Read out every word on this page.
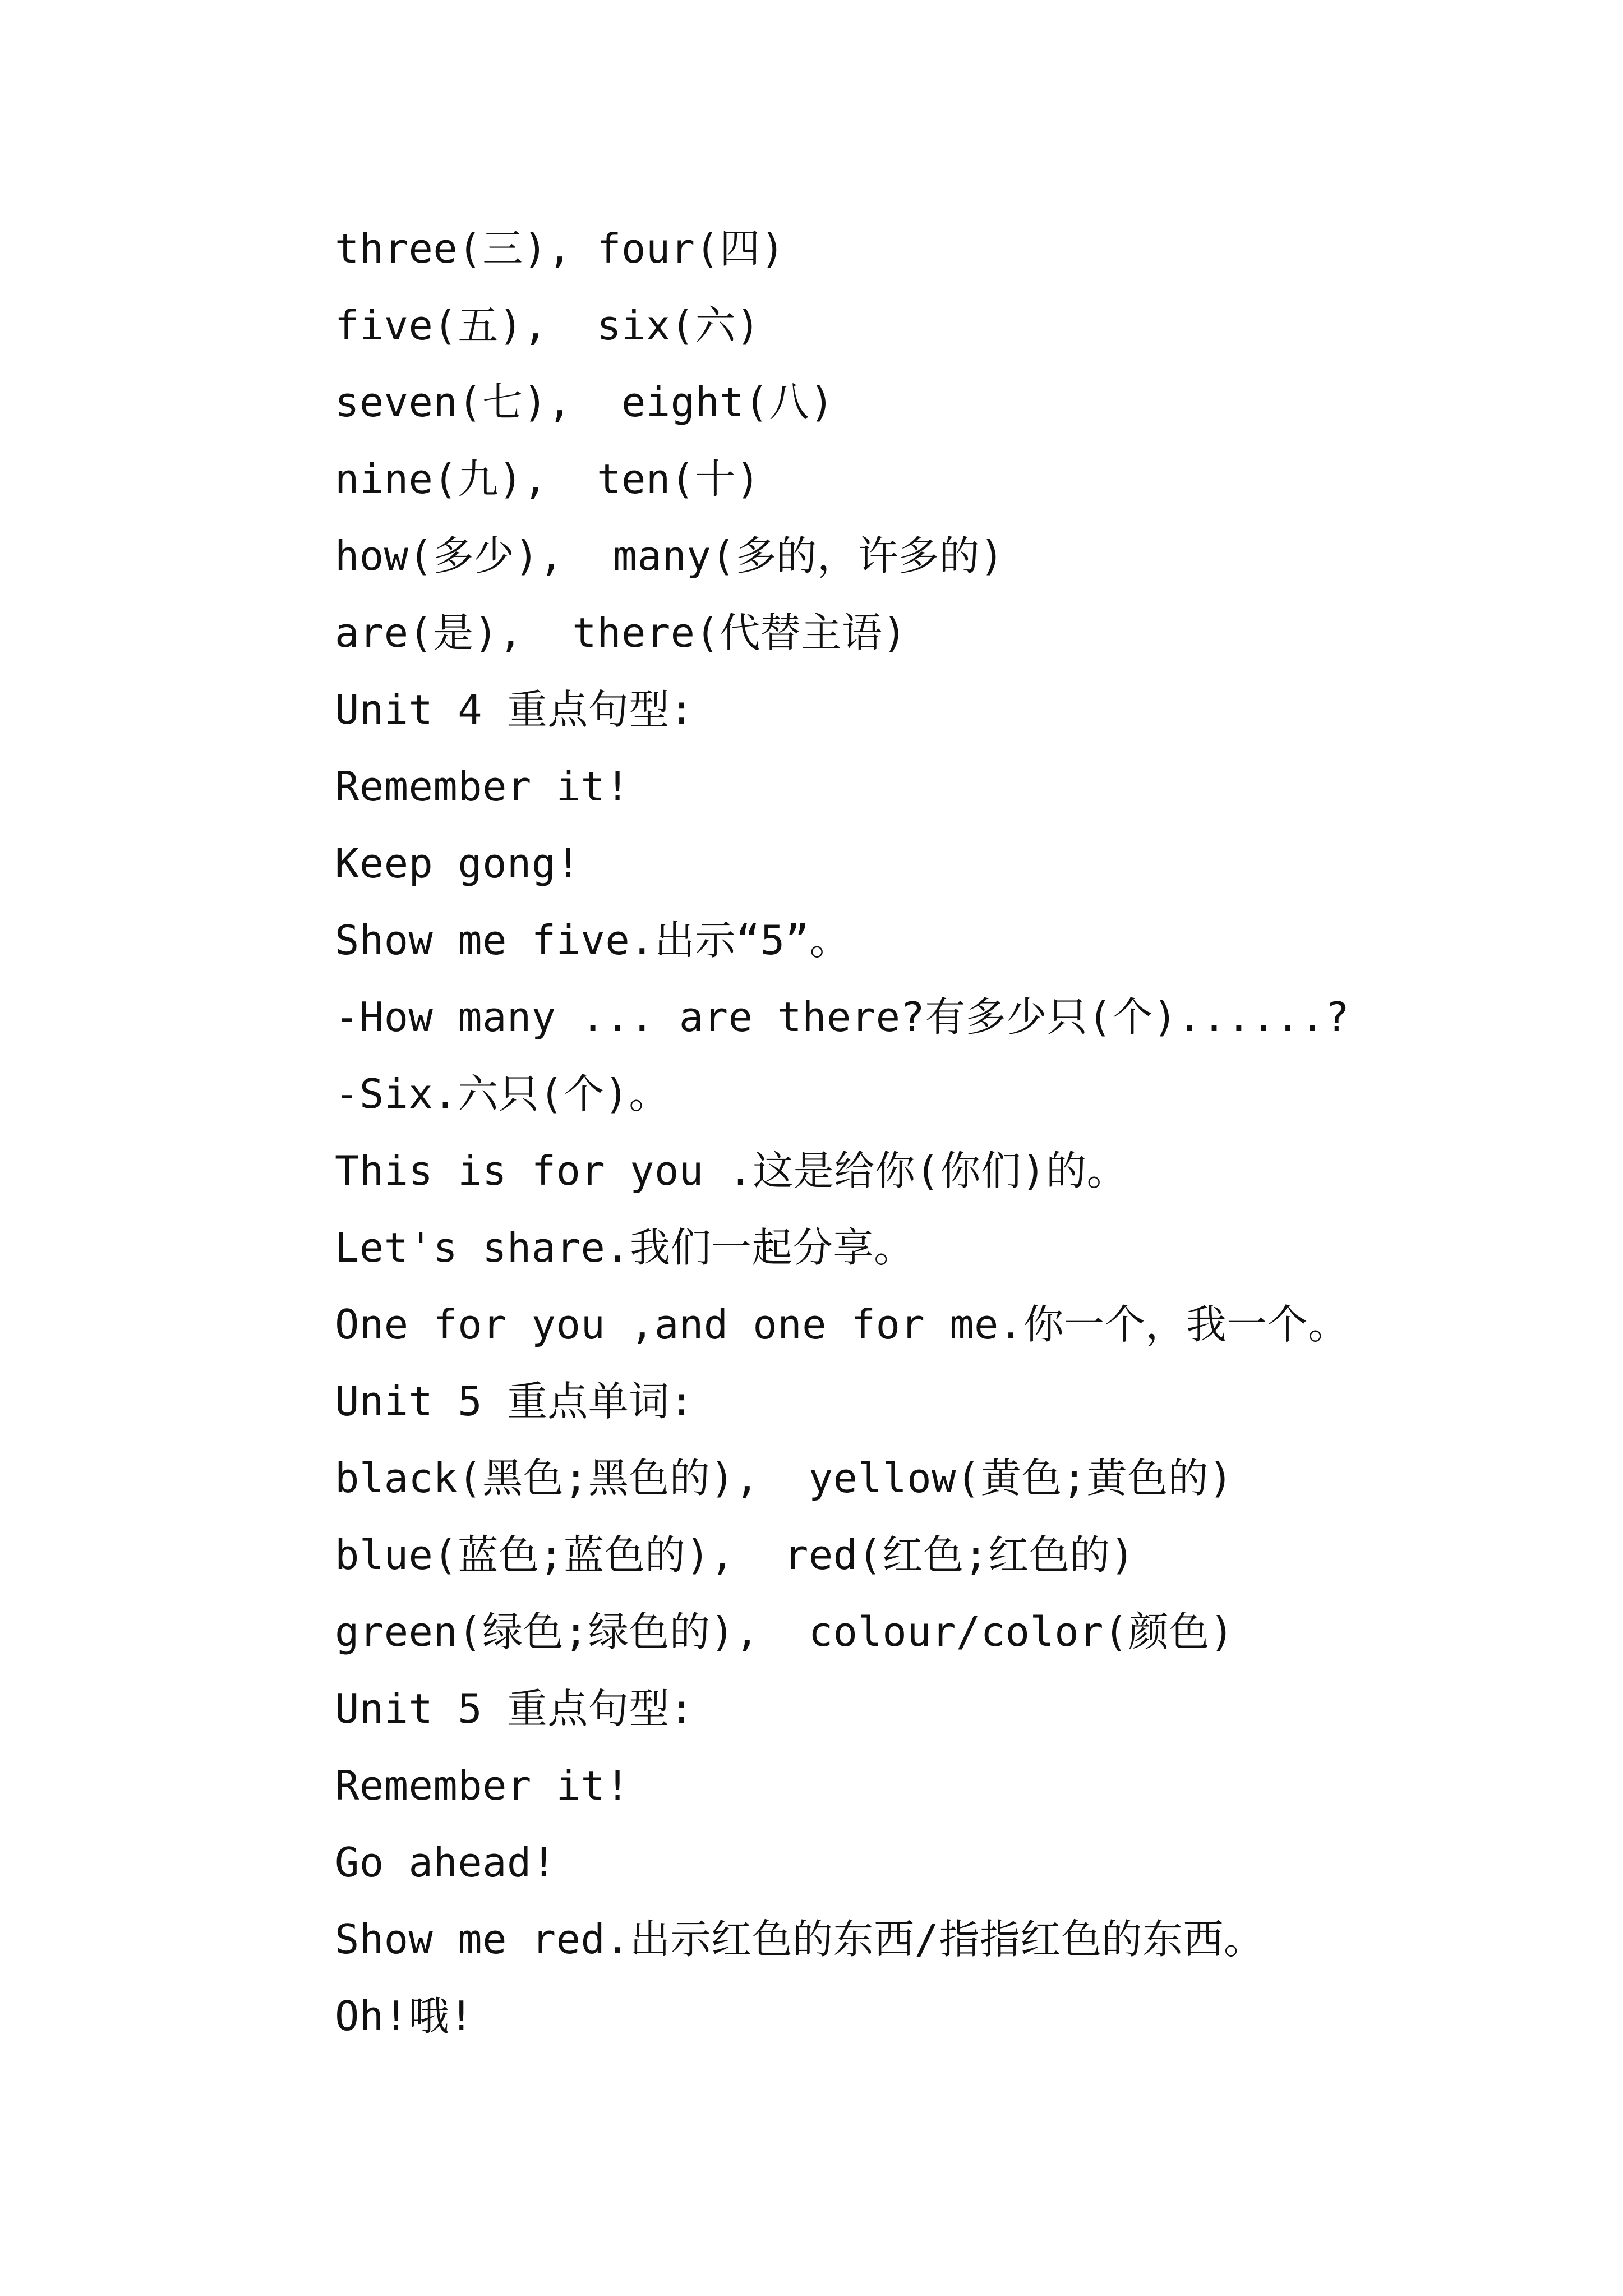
three(三), four(四)
five(五),  six(六)
seven(七),  eight(八)
nine(九),  ten(十)
how(多少),  many(多的，许多的)
are(是),  there(代替主语)
Unit 4 重点句型:
Remember it!
Keep gong!
Show me five.出示“5”。
-How many ... are there?有多少只(个)......?
-Six.六只(个)。
This is for you .这是给你(你们)的。
Let's share.我们一起分享。
One for you ,and one for me.你一个，我一个。
Unit 5 重点单词:
black(黑色;黑色的),  yellow(黄色;黄色的)
blue(蓝色;蓝色的),  red(红色;红色的)
green(绿色;绿色的),  colour/color(颜色)
Unit 5 重点句型:
Remember it!
Go ahead!
Show me red.出示红色的东西/指指红色的东西。
Oh!哦!
